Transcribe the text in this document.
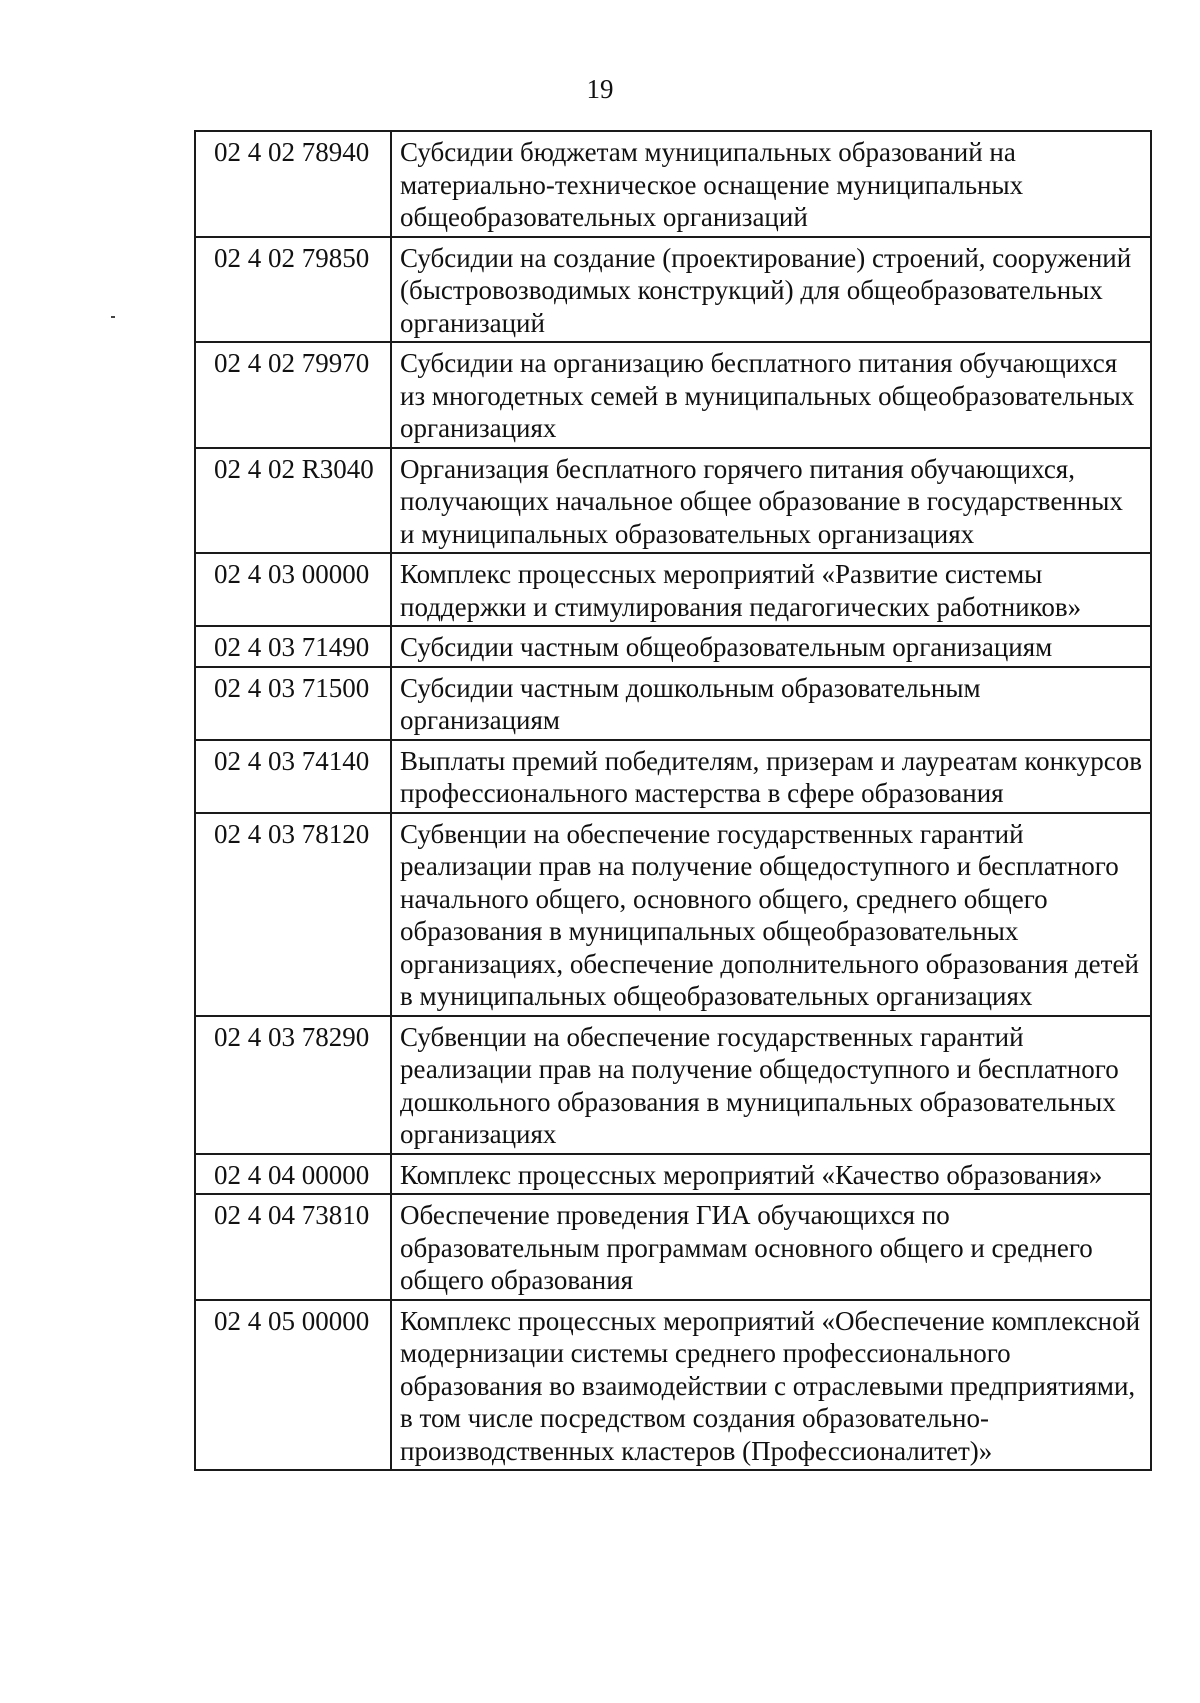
19
02 4 02 78940	Субсидии бюджетам муниципальных образований на материально-техническое оснащение муниципальных общеобразовательных организаций
02 4 02 79850	Субсидии на создание (проектирование) строений, сооружений (быстровозводимых конструкций) для общеобразовательных организаций
02 4 02 79970	Субсидии на организацию бесплатного питания обучающихся из многодетных семей в муниципальных общеобразовательных организациях
02 4 02 R3040	Организация бесплатного горячего питания обучающихся, получающих начальное общее образование в государственных и муниципальных образовательных организациях
02 4 03 00000	Комплекс процессных мероприятий «Развитие системы поддержки и стимулирования педагогических работников»
02 4 03 71490	Субсидии частным общеобразовательным организациям
02 4 03 71500	Субсидии частным дошкольным образовательным организациям
02 4 03 74140	Выплаты премий победителям, призерам и лауреатам конкурсов профессионального мастерства в сфере образования
02 4 03 78120	Субвенции на обеспечение государственных гарантий реализации прав на получение общедоступного и бесплатного начального общего, основного общего, среднего общего образования в муниципальных общеобразовательных организациях, обеспечение дополнительного образования детей в муниципальных общеобразовательных организациях
02 4 03 78290	Субвенции на обеспечение государственных гарантий реализации прав на получение общедоступного и бесплатного дошкольного образования в муниципальных образовательных организациях
02 4 04 00000	Комплекс процессных мероприятий «Качество образования»
02 4 04 73810	Обеспечение проведения ГИА обучающихся по образовательным программам основного общего и среднего общего образования
02 4 05 00000	Комплекс процессных мероприятий «Обеспечение комплексной модернизации системы среднего профессионального образования во взаимодействии с отраслевыми предприятиями, в том числе посредством создания образовательно-производственных кластеров (Профессионалитет)»
